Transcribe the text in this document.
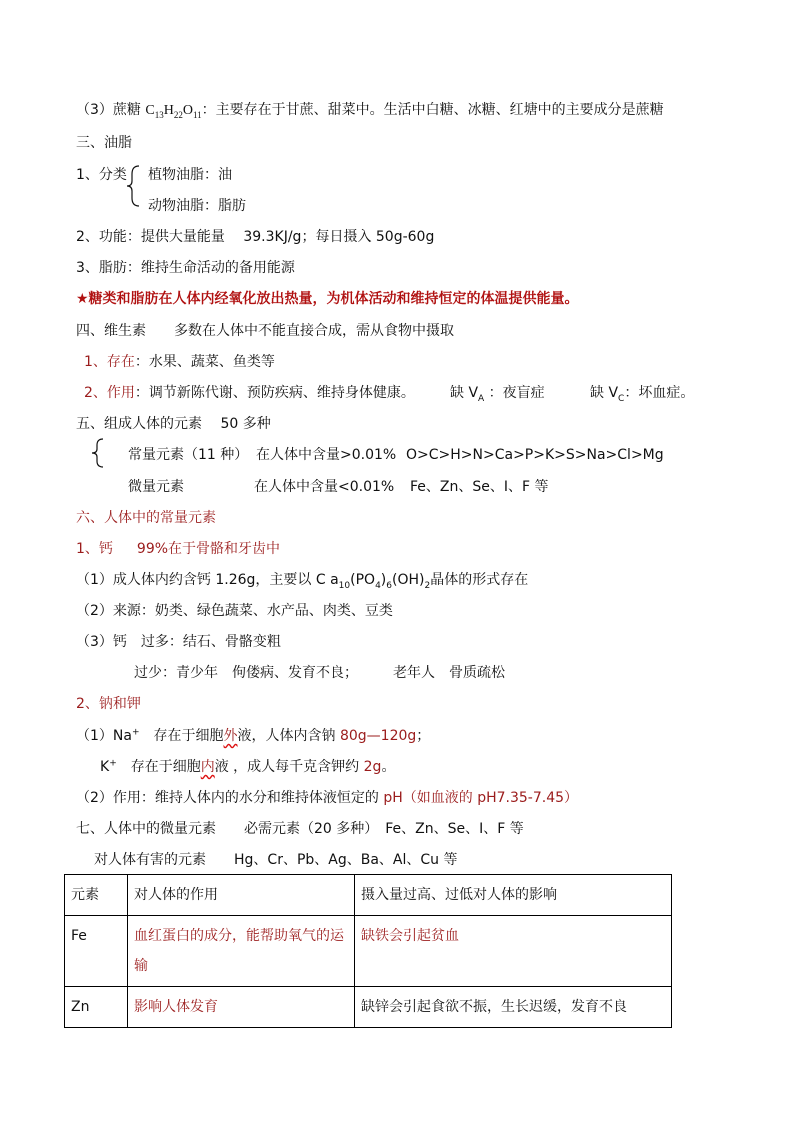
（3）蔗糖 $C_{13}H_{22}O_{11}$：主要存在于甘蔗、甜菜中。生活中白糖、冰糖、红塘中的主要成分是蔗糖
三、油脂
1、分类 植物油脂：油
动物油脂：脂肪
2、功能：提供大量能量　 39.3KJ/g；每日摄入 50g-60g
3、脂肪：维持生命活动的备用能源
★糖类和脂肪在人体内经氧化放出热量，为机体活动和维持恒定的体温提供能量。
四、维生素　　多数在人体中不能直接合成，需从食物中摄取
1、存在：水果、蔬菜、鱼类等
2、作用：调节新陈代谢、预防疾病、维持身体健康。	缺 $V_A$ ：夜盲症	缺 $V_C$：坏血症。
五、组成人体的元素　 50 多种
常量元素（11 种） 在人体中含量>0.01% O>C>H>N>Ca>P>K>S>Na>Cl>Mg
微量元素	在人体中含量<0.01% Fe、Zn、Se、I、F 等
六、人体中的常量元素
1、钙 99%在于骨骼和牙齿中
（1）成人体内约含钙 1.26g，主要以 C $a_{10}(PO_4)_6(OH)_2$晶体的形式存在
（2）来源：奶类、绿色蔬菜、水产品、肉类、豆类
（3）钙　过多：结石、骨骼变粗
过少：青少年　佝偻病、发育不良；　　　老年人　骨质疏松
2、钠和钾
（1）Na+　存在于细胞外液，人体内含钠 80g—120g；
K+　存在于细胞内液 ，成人每千克含钾约 2g。
（2）作用：维持人体内的水分和维持体液恒定的 pH（如血液的 pH7.35-7.45）
七、人体中的微量元素　　必需元素（20 多种）　Fe、Zn、Se、I、F 等
对人体有害的元素　　Hg、Cr、Pb、Ag、Ba、Al、Cu 等
元素	对人体的作用	摄入量过高、过低对人体的影响
Fe	血红蛋白的成分，能帮助氧气的运输	缺铁会引起贫血
Zn	影响人体发育	缺锌会引起食欲不振，生长迟缓，发育不良
